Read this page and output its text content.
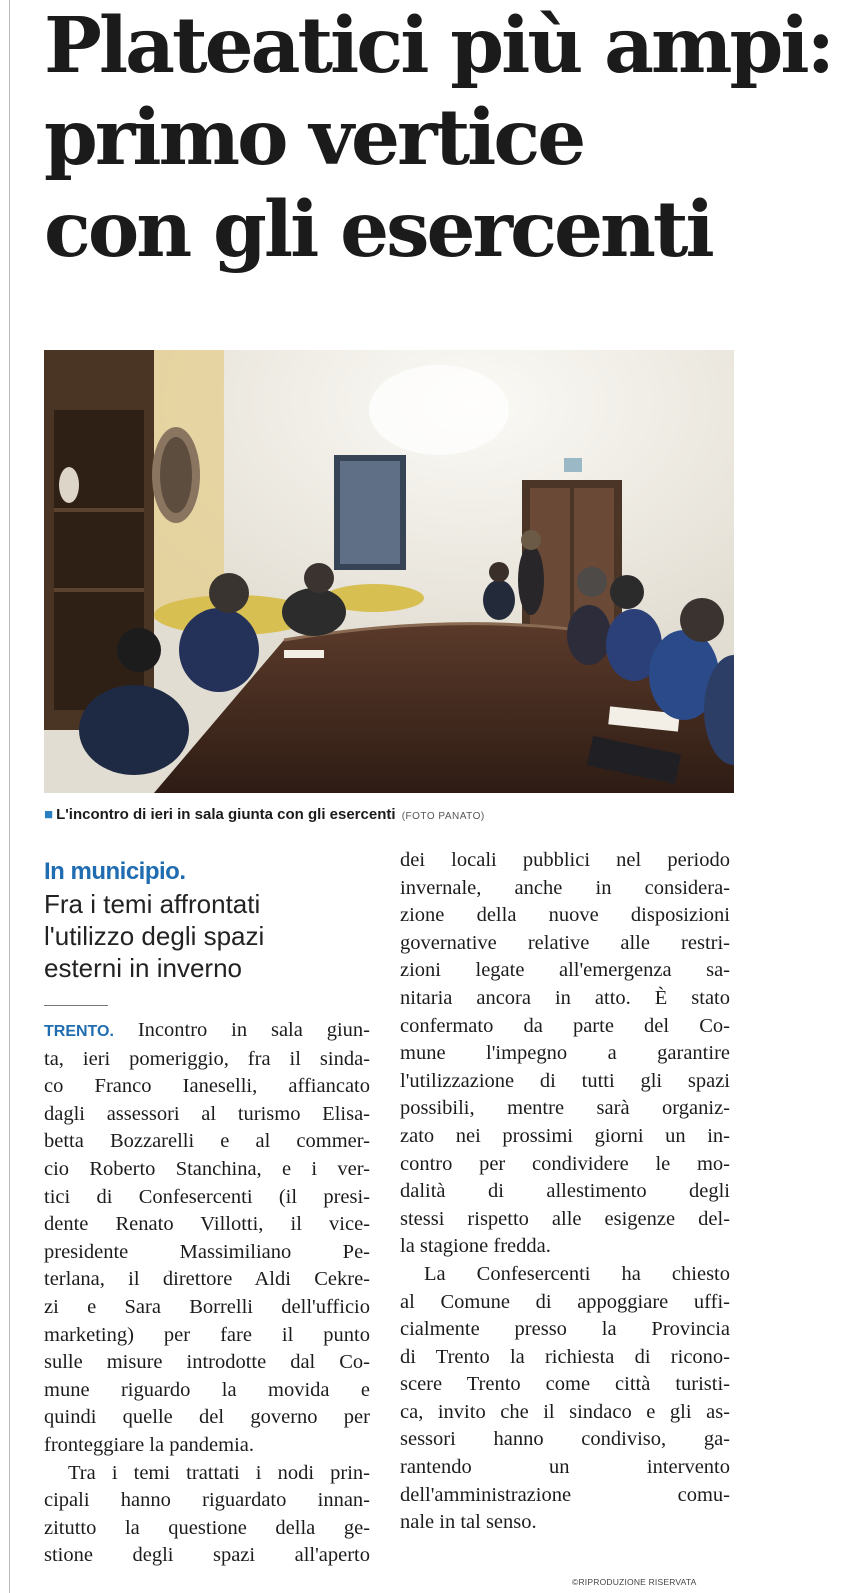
Plateatici più ampi:
primo vertice
con gli esercenti
■ L'incontro di ieri in sala giunta con gli esercenti (FOTO PANATO)
In municipio.
Fra i temi affrontati
l'utilizzo degli spazi
esterni in inverno
TRENTO. Incontro in sala giun-
ta, ieri pomeriggio, fra il sinda-
co Franco Ianeselli, affiancato
dagli assessori al turismo Elisa-
betta Bozzarelli e al commer-
cio Roberto Stanchina, e i ver-
tici di Confesercenti (il presi-
dente Renato Villotti, il vice-
presidente Massimiliano Pe-
terlana, il direttore Aldi Cekre-
zi e Sara Borrelli dell'ufficio
marketing) per fare il punto
sulle misure introdotte dal Co-
mune riguardo la movida e
quindi quelle del governo per
fronteggiare la pandemia.
Tra i temi trattati i nodi prin-
cipali hanno riguardato innan-
zitutto la questione della ge-
stione degli spazi all'aperto
dei locali pubblici nel periodo
invernale, anche in considera-
zione della nuove disposizioni
governative relative alle restri-
zioni legate all'emergenza sa-
nitaria ancora in atto. È stato
confermato da parte del Co-
mune l'impegno a garantire
l'utilizzazione di tutti gli spazi
possibili, mentre sarà organiz-
zato nei prossimi giorni un in-
contro per condividere le mo-
dalità di allestimento degli
stessi rispetto alle esigenze del-
la stagione fredda.
La Confesercenti ha chiesto
al Comune di appoggiare uffi-
cialmente presso la Provincia
di Trento la richiesta di ricono-
scere Trento come città turisti-
ca, invito che il sindaco e gli as-
sessori hanno condiviso, ga-
rantendo un intervento
dell'amministrazione comu-
nale in tal senso.
©RIPRODUZIONE RISERVATA
